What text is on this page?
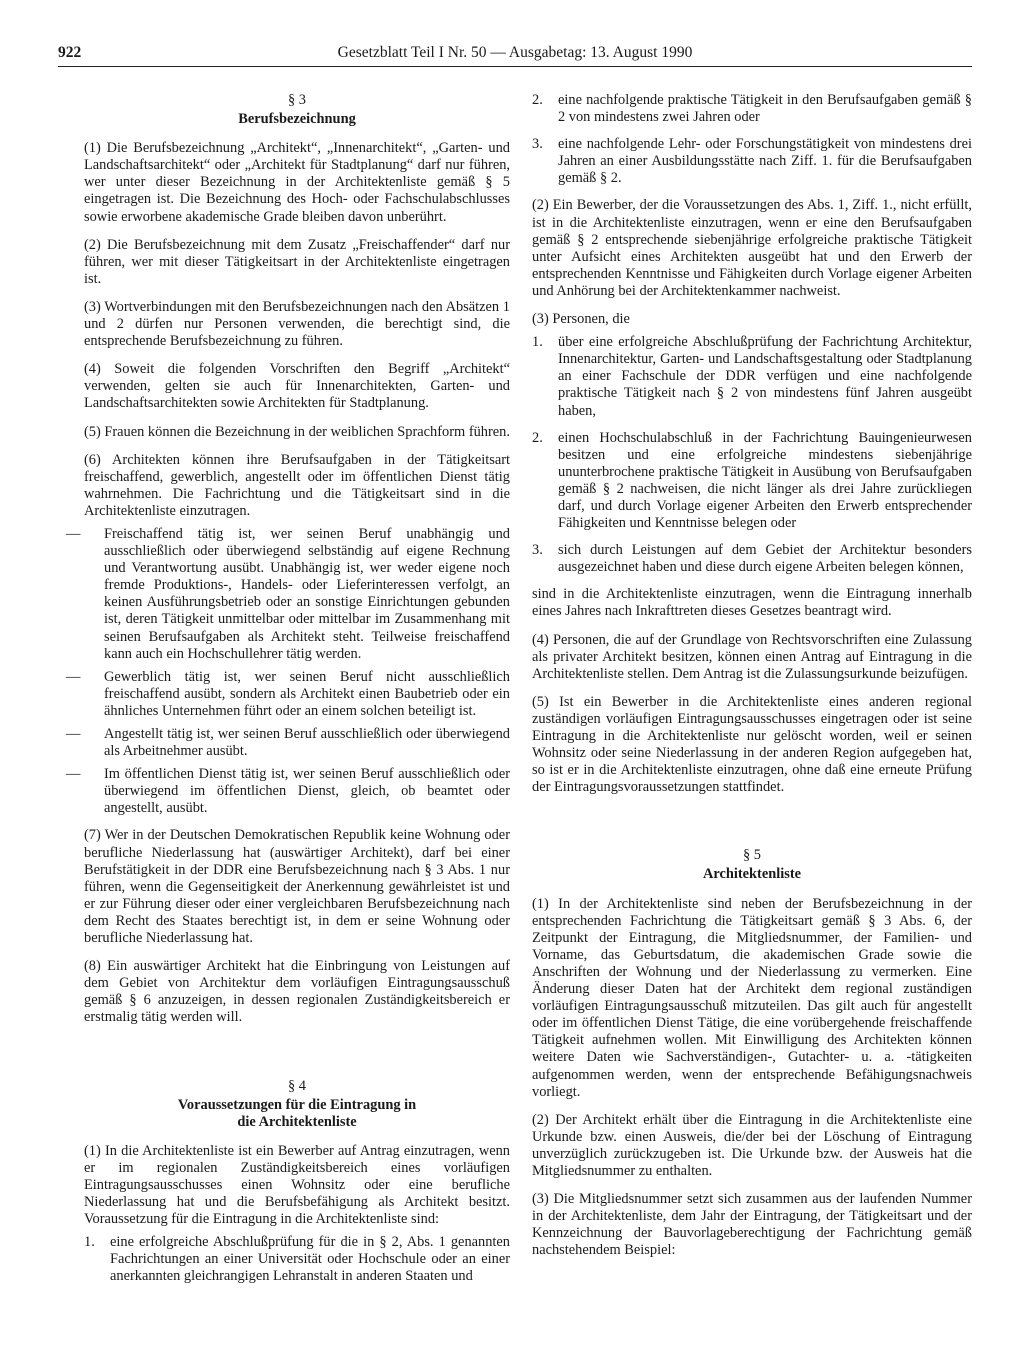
922	Gesetzblatt Teil I Nr. 50 — Ausgabetag: 13. August 1990
§ 3
Berufsbezeichnung

(1) Die Berufsbezeichnung „Architekt“, „Innenarchitekt“, „Garten- und Landschaftsarchitekt“ oder „Architekt für Stadtplanung“ darf nur führen, wer unter dieser Bezeichnung in der Architektenliste gemäß § 5 eingetragen ist. Die Bezeichnung des Hoch- oder Fachschulabschlusses sowie erworbene akademische Grade bleiben davon unberührt.

(2) Die Berufsbezeichnung mit dem Zusatz „Freischaffender“ darf nur führen, wer mit dieser Tätigkeitsart in der Architektenliste eingetragen ist.

(3) Wortverbindungen mit den Berufsbezeichnungen nach den Absätzen 1 und 2 dürfen nur Personen verwenden, die berechtigt sind, die entsprechende Berufsbezeichnung zu führen.

(4) Soweit die folgenden Vorschriften den Begriff „Architekt“ verwenden, gelten sie auch für Innenarchitekten, Garten- und Landschaftsarchitekten sowie Architekten für Stadtplanung.

(5) Frauen können die Bezeichnung in der weiblichen Sprachform führen.

(6) Architekten können ihre Berufsaufgaben in der Tätigkeitsart freischaffend, gewerblich, angestellt oder im öffentlichen Dienst tätig wahrnehmen. Die Fachrichtung und die Tätigkeitsart sind in die Architektenliste einzutragen.

—	Freischaffend tätig ist, wer seinen Beruf unabhängig und ausschließlich oder überwiegend selbständig auf eigene Rechnung und Verantwortung ausübt. Unabhängig ist, wer weder eigene noch fremde Produktions-, Handels- oder Lieferinteressen verfolgt, an keinen Ausführungsbetrieb oder an sonstige Einrichtungen gebunden ist, deren Tätigkeit unmittelbar oder mittelbar im Zusammenhang mit seinen Berufsaufgaben als Architekt steht. Teilweise freischaffend kann auch ein Hochschullehrer tätig werden.
—	Gewerblich tätig ist, wer seinen Beruf nicht ausschließlich freischaffend ausübt, sondern als Architekt einen Baubetrieb oder ein ähnliches Unternehmen führt oder an einem solchen beteiligt ist.
—	Angestellt tätig ist, wer seinen Beruf ausschließlich oder überwiegend als Arbeitnehmer ausübt.
—	Im öffentlichen Dienst tätig ist, wer seinen Beruf ausschließlich oder überwiegend im öffentlichen Dienst, gleich, ob beamtet oder angestellt, ausübt.

(7) Wer in der Deutschen Demokratischen Republik keine Wohnung oder berufliche Niederlassung hat (auswärtiger Architekt), darf bei einer Berufstätigkeit in der DDR eine Berufsbezeichnung nach § 3 Abs. 1 nur führen, wenn die Gegenseitigkeit der Anerkennung gewährleistet ist und er zur Führung dieser oder einer vergleichbaren Berufsbezeichnung nach dem Recht des Staates berechtigt ist, in dem er seine Wohnung oder berufliche Niederlassung hat.

(8) Ein auswärtiger Architekt hat die Einbringung von Leistungen auf dem Gebiet von Architektur dem vorläufigen Eintragungsausschuß gemäß § 6 anzuzeigen, in dessen regionalen Zuständigkeitsbereich er erstmalig tätig werden will.

§ 4
Voraussetzungen für die Eintragung in
die Architektenliste

(1) In die Architektenliste ist ein Bewerber auf Antrag einzutragen, wenn er im regionalen Zuständigkeitsbereich eines vorläufigen Eintragungsausschusses einen Wohnsitz oder eine berufliche Niederlassung hat und die Berufsbefähigung als Architekt besitzt. Voraussetzung für die Eintragung in die Architektenliste sind:

1.	eine erfolgreiche Abschlußprüfung für die in § 2, Abs. 1 genannten Fachrichtungen an einer Universität oder Hochschule oder an einer anerkannten gleichrangigen Lehranstalt in anderen Staaten und
2.	eine nachfolgende praktische Tätigkeit in den Berufsaufgaben gemäß § 2 von mindestens zwei Jahren oder
3.	eine nachfolgende Lehr- oder Forschungstätigkeit von mindestens drei Jahren an einer Ausbildungsstätte nach Ziff. 1. für die Berufsaufgaben gemäß § 2.

(2) Ein Bewerber, der die Voraussetzungen des Abs. 1, Ziff. 1., nicht erfüllt, ist in die Architektenliste einzutragen, wenn er eine den Berufsaufgaben gemäß § 2 entsprechende siebenjährige erfolgreiche praktische Tätigkeit unter Aufsicht eines Architekten ausgeübt hat und den Erwerb der entsprechenden Kenntnisse und Fähigkeiten durch Vorlage eigener Arbeiten und Anhörung bei der Architektenkammer nachweist.

(3) Personen, die

1.	über eine erfolgreiche Abschlußprüfung der Fachrichtung Architektur, Innenarchitektur, Garten- und Landschaftsgestaltung oder Stadtplanung an einer Fachschule der DDR verfügen und eine nachfolgende praktische Tätigkeit nach § 2 von mindestens fünf Jahren ausgeübt haben,
2.	einen Hochschulabschluß in der Fachrichtung Bauingenieurwesen besitzen und eine erfolgreiche mindestens siebenjährige ununterbrochene praktische Tätigkeit in Ausübung von Berufsaufgaben gemäß § 2 nachweisen, die nicht länger als drei Jahre zurückliegen darf, und durch Vorlage eigener Arbeiten den Erwerb entsprechender Fähigkeiten und Kenntnisse belegen oder
3.	sich durch Leistungen auf dem Gebiet der Architektur besonders ausgezeichnet haben und diese durch eigene Arbeiten belegen können,

sind in die Architektenliste einzutragen, wenn die Eintragung innerhalb eines Jahres nach Inkrafttreten dieses Gesetzes beantragt wird.

(4) Personen, die auf der Grundlage von Rechtsvorschriften eine Zulassung als privater Architekt besitzen, können einen Antrag auf Eintragung in die Architektenliste stellen. Dem Antrag ist die Zulassungsurkunde beizufügen.

(5) Ist ein Bewerber in die Architektenliste eines anderen regional zuständigen vorläufigen Eintragungsausschusses eingetragen oder ist seine Eintragung in die Architektenliste nur gelöscht worden, weil er seinen Wohnsitz oder seine Niederlassung in der anderen Region aufgegeben hat, so ist er in die Architektenliste einzutragen, ohne daß eine erneute Prüfung der Eintragungsvoraussetzungen stattfindet.

§ 5
Architektenliste

(1) In der Architektenliste sind neben der Berufsbezeichnung in der entsprechenden Fachrichtung die Tätigkeitsart gemäß § 3 Abs. 6, der Zeitpunkt der Eintragung, die Mitgliedsnummer, der Familien- und Vorname, das Geburtsdatum, die akademischen Grade sowie die Anschriften der Wohnung und der Niederlassung zu vermerken. Eine Änderung dieser Daten hat der Architekt dem regional zuständigen vorläufigen Eintragungsausschuß mitzuteilen. Das gilt auch für angestellt oder im öffentlichen Dienst Tätige, die eine vorübergehende freischaffende Tätigkeit aufnehmen wollen. Mit Einwilligung des Architekten können weitere Daten wie Sachverständigen-, Gutachter- u. a. -tätigkeiten aufgenommen werden, wenn der entsprechende Befähigungsnachweis vorliegt.

(2) Der Architekt erhält über die Eintragung in die Architektenliste eine Urkunde bzw. einen Ausweis, die/der bei der Löschung of Eintragung unverzüglich zurückzugeben ist. Die Urkunde bzw. der Ausweis hat die Mitgliedsnummer zu enthalten.

(3) Die Mitgliedsnummer setzt sich zusammen aus der laufenden Nummer in der Architektenliste, dem Jahr der Eintragung, der Tätigkeitsart und der Kennzeichnung der Bauvorlageberechtigung der Fachrichtung gemäß nachstehendem Beispiel:
